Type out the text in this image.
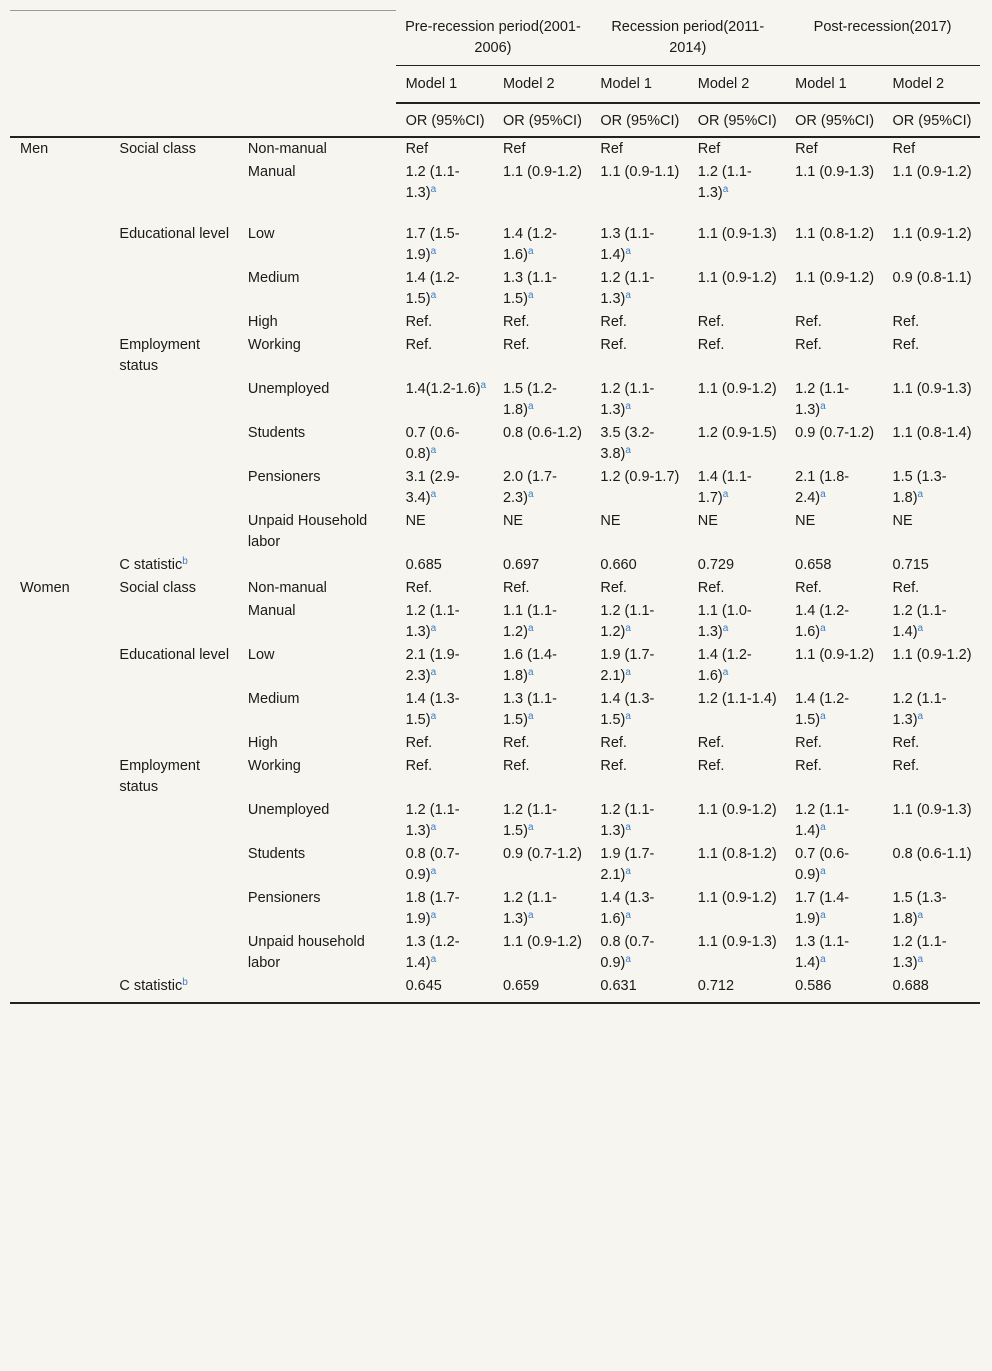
			Pre-recession period(2001-2006)		Recession period(2011-2014)		Post-recession(2017)	
			Model 1	Model 2	Model 1	Model 2	Model 1	Model 2
			OR (95%CI)	OR (95%CI)	OR (95%CI)	OR (95%CI)	OR (95%CI)	OR (95%CI)
Men	Social class	Non-manual	Ref	Ref	Ref	Ref	Ref	Ref
		Manual	1.2 $(1.1-1.3)^a$	1.1 (0.9-1.2)	1.1 (0.9-1.1)	1.2 $(1.1-1.3)^a$	1.1 (0.9-1.3)	1.1 (0.9-1.2)
	Educational level	Low	1.7 $(1.5-1.9)^a$	1.4 $(1.2-1.6)^a$	1.3 $(1.1-1.4)^a$	1.1 (0.9-1.3)	1.1 (0.8-1.2)	1.1 (0.9-1.2)
		Medium	1.4 $(1.2-1.5)^a$	1.3 $(1.1-1.5)^a$	1.2 $(1.1-1.3)^a$	1.1 (0.9-1.2)	1.1 (0.9-1.2)	0.9 (0.8-1.1)
		High	Ref.	Ref.	Ref.	Ref.	Ref.	Ref.
	Employment status	Working	Ref.	Ref.	Ref.	Ref.	Ref.	Ref.
		Unemployed	$1.4(1.2-1.6)^a$	1.5 $(1.2-1.8)^a$	1.2 $(1.1-1.3)^a$	1.1 (0.9-1.2)	1.2 $(1.1-1.3)^a$	1.1 (0.9-1.3)
		Students	0.7 $(0.6-0.8)^a$	0.8 (0.6-1.2)	3.5 $(3.2-3.8)^a$	1.2 (0.9-1.5)	0.9 (0.7-1.2)	1.1 (0.8-1.4)
		Pensioners	3.1 $(2.9-3.4)^a$	2.0 $(1.7-2.3)^a$	1.2 (0.9-1.7)	1.4 $(1.1-1.7)^a$	2.1 $(1.8-2.4)^a$	1.5 $(1.3-1.8)^a$
		Unpaid Household labor	NE	NE	NE	NE	NE	NE
	C statistic$^b$		0.685	0.697	0.660	0.729	0.658	0.715
Women	Social class	Non-manual	Ref.	Ref.	Ref.	Ref.	Ref.	Ref.
		Manual	1.2 $(1.1-1.3)^a$	1.1 $(1.1-1.2)^a$	1.2 $(1.1-1.2)^a$	1.1 $(1.0-1.3)^a$	1.4 $(1.2-1.6)^a$	1.2 $(1.1-1.4)^a$
	Educational level	Low	2.1 $(1.9-2.3)^a$	1.6 $(1.4-1.8)^a$	1.9 $(1.7-2.1)^a$	1.4 $(1.2-1.6)^a$	1.1 (0.9-1.2)	1.1 (0.9-1.2)
		Medium	1.4 $(1.3-1.5)^a$	1.3 $(1.1-1.5)^a$	1.4 $(1.3-1.5)^a$	1.2 (1.1-1.4)	1.4 $(1.2-1.5)^a$	1.2 $(1.1-1.3)^a$
		High	Ref.	Ref.	Ref.	Ref.	Ref.	Ref.
	Employment status	Working	Ref.	Ref.	Ref.	Ref.	Ref.	Ref.
		Unemployed	1.2 $(1.1-1.3)^a$	1.2 $(1.1-1.5)^a$	1.2 $(1.1-1.3)^a$	1.1 (0.9-1.2)	1.2 $(1.1-1.4)^a$	1.1 (0.9-1.3)
		Students	0.8 $(0.7-0.9)^a$	0.9 (0.7-1.2)	1.9 $(1.7-2.1)^a$	1.1 (0.8-1.2)	0.7 $(0.6-0.9)^a$	0.8 (0.6-1.1)
		Pensioners	1.8 $(1.7-1.9)^a$	1.2 $(1.1-1.3)^a$	1.4 $(1.3-1.6)^a$	1.1 (0.9-1.2)	1.7 $(1.4-1.9)^a$	1.5 $(1.3-1.8)^a$
		Unpaid household labor	1.3 $(1.2-1.4)^a$	1.1 (0.9-1.2)	0.8 $(0.7-0.9)^a$	1.1 (0.9-1.3)	1.3 $(1.1-1.4)^a$	1.2 $(1.1-1.3)^a$
	C statistic$^b$		0.645	0.659	0.631	0.712	0.586	0.688
